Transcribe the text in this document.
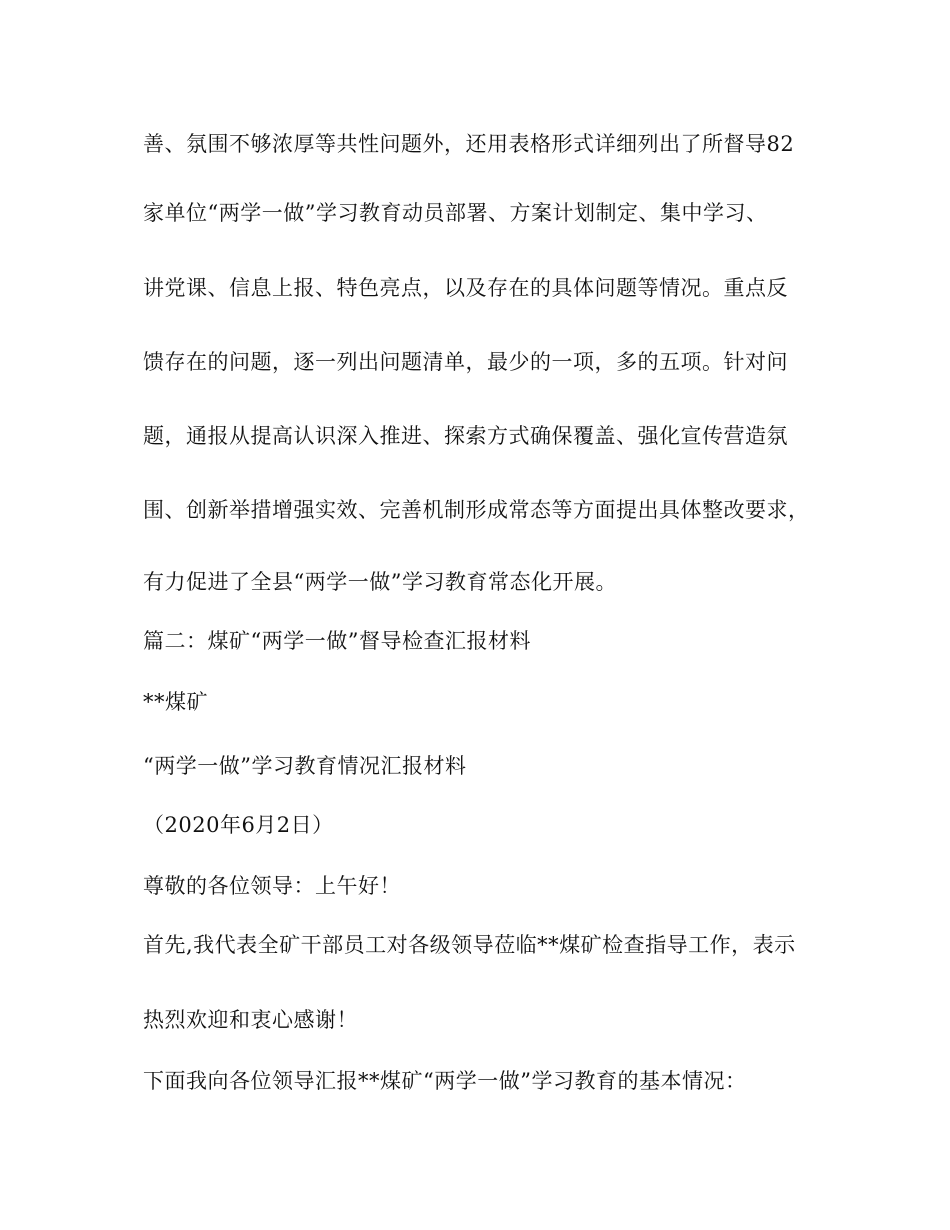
善、氛围不够浓厚等共性问题外，还用表格形式详细列出了所督导82
家单位“两学一做”学习教育动员部署、方案计划制定、集中学习、
讲党课、信息上报、特色亮点，以及存在的具体问题等情况。重点反
馈存在的问题，逐一列出问题清单，最少的一项，多的五项。针对问
题，通报从提高认识深入推进、探索方式确保覆盖、强化宣传营造氛
围、创新举措增强实效、完善机制形成常态等方面提出具体整改要求，
有力促进了全县“两学一做”学习教育常态化开展。
篇二：煤矿“两学一做”督导检查汇报材料
**煤矿
“两学一做”学习教育情况汇报材料
（2020年6月2日）
尊敬的各位领导：上午好！
首先,我代表全矿干部员工对各级领导莅临**煤矿检查指导工作，表示
热烈欢迎和衷心感谢！
下面我向各位领导汇报**煤矿“两学一做”学习教育的基本情况：
